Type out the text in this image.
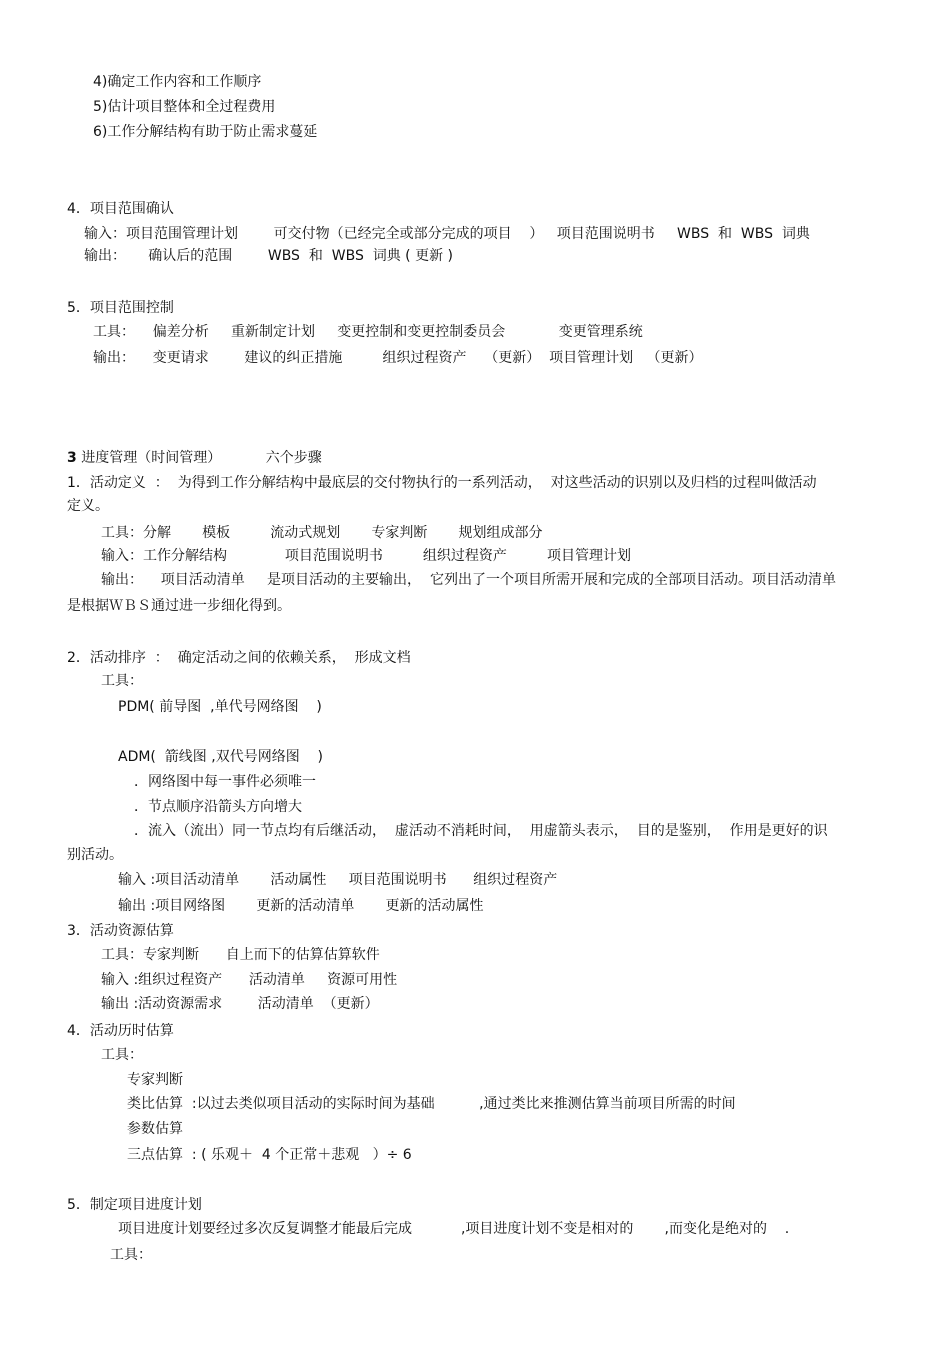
4)确定工作内容和工作顺序
5)估计项目整体和全过程费用
6)工作分解结构有助于防止需求蔓延
4．项目范围确认
输入：项目范围管理计划        可交付物（已经完全或部分完成的项目    ）   项目范围说明书     WBS  和  WBS  词典
输出：     确认后的范围        WBS  和  WBS  词典 ( 更新 )
5．项目范围控制
工具：    偏差分析     重新制定计划     变更控制和变更控制委员会            变更管理系统
输出：    变更请求        建议的纠正措施         组织过程资产    （更新）  项目管理计划   （更新）
3 进度管理（时间管理）          六个步骤
1．活动定义  ：  为得到工作分解结构中最底层的交付物执行的一系列活动，  对这些活动的识别以及归档的过程叫做活动
定义。
工具：分解       模板         流动式规划       专家判断       规划组成部分
输入：工作分解结构             项目范围说明书         组织过程资产         项目管理计划
输出：    项目活动清单     是项目活动的主要输出，  它列出了一个项目所需开展和完成的全部项目活动。项目活动清单
是根据ＷＢＳ通过进一步细化得到。
2．活动排序  ：  确定活动之间的依赖关系，  形成文档
工具：
PDM( 前导图  ,单代号网络图    )
ADM(  箭线图 ,双代号网络图    )
．网络图中每一事件必须唯一
．节点顺序沿箭头方向增大
．流入（流出）同一节点均有后继活动，  虚活动不消耗时间，  用虚箭头表示，  目的是鉴别，  作用是更好的识
别活动。
输入 :项目活动清单       活动属性     项目范围说明书      组织过程资产
输出 :项目网络图       更新的活动清单       更新的活动属性
3．活动资源估算
工具：专家判断      自上而下的估算估算软件
输入 :组织过程资产      活动清单     资源可用性
输出 :活动资源需求        活动清单  （更新）
4．活动历时估算
工具：
专家判断
类比估算  :以过去类似项目活动的实际时间为基础          ,通过类比来推测估算当前项目所需的时间
参数估算
三点估算  : ( 乐观＋  4 个正常＋悲观   ）÷ 6
5．制定项目进度计划
项目进度计划要经过多次反复调整才能最后完成           ,项目进度计划不变是相对的       ,而变化是绝对的    .
工具：
